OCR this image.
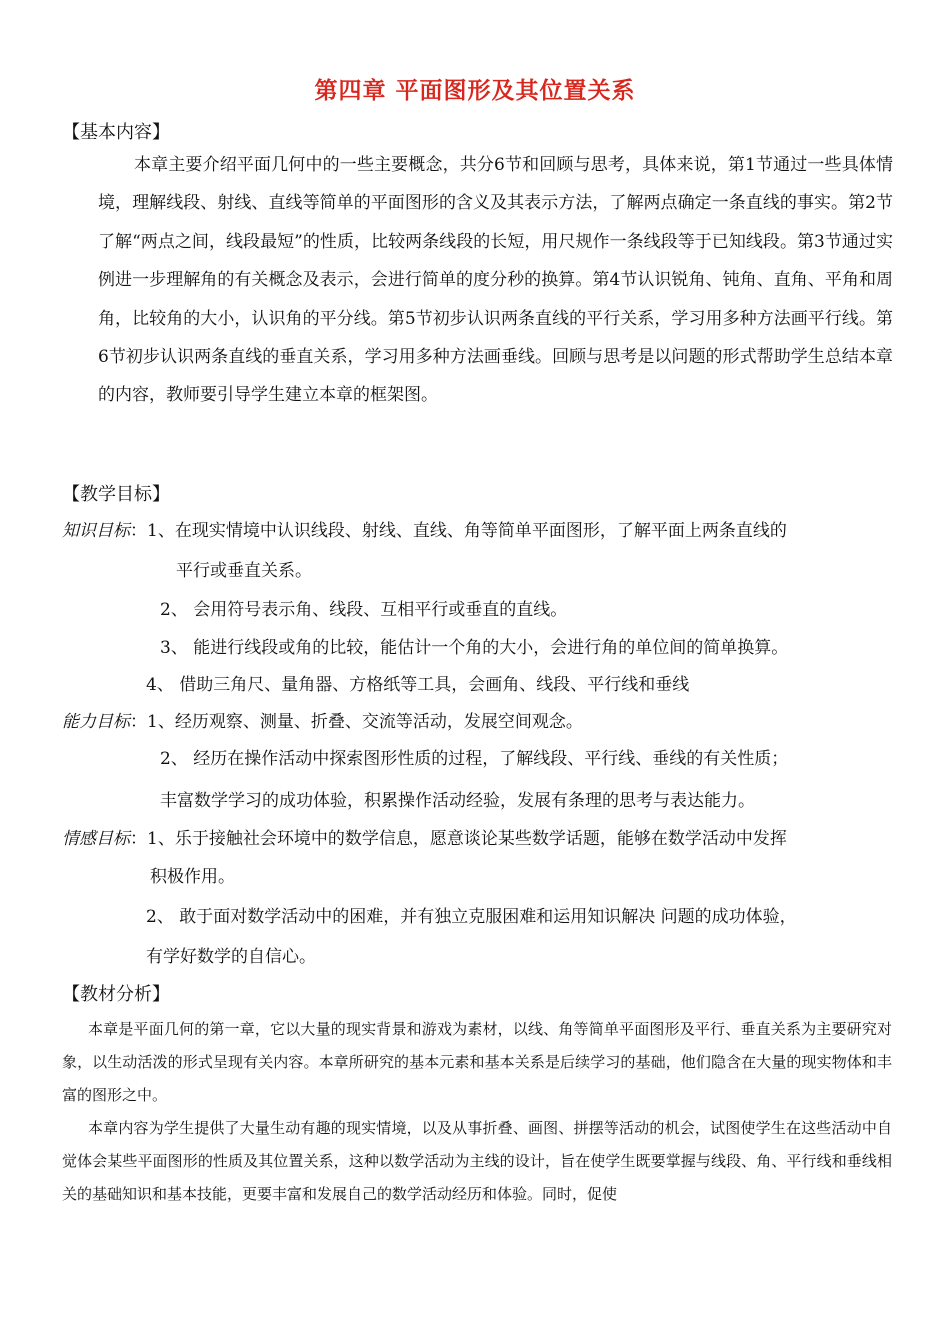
第四章 平面图形及其位置关系
【基本内容】

本章主要介绍平面几何中的一些主要概念，共分6节和回顾与思考，具体来说，第1节通过一些具体情境，理解线段、射线、直线等简单的平面图形的含义及其表示方法，了解两点确定一条直线的事实。第2节了解“两点之间，线段最短”的性质，比较两条线段的长短，用尺规作一条线段等于已知线段。第3节通过实例进一步理解角的有关概念及表示，会进行简单的度分秒的换算。第4节认识锐角、钝角、直角、平角和周角，比较角的大小，认识角的平分线。第5节初步认识两条直线的平行关系，学习用多种方法画平行线。第6节初步认识两条直线的垂直关系，学习用多种方法画垂线。回顾与思考是以问题的形式帮助学生总结本章的内容，教师要引导学生建立本章的框架图。

【教学目标】
知识目标：1、在现实情境中认识线段、射线、直线、角等简单平面图形，了解平面上两条直线的
平行或垂直关系。
2、 会用符号表示角、线段、互相平行或垂直的直线。
3、 能进行线段或角的比较，能估计一个角的大小，会进行角的单位间的简单换算。
4、 借助三角尺、量角器、方格纸等工具，会画角、线段、平行线和垂线
能力目标：1、经历观察、测量、折叠、交流等活动，发展空间观念。
2、 经历在操作活动中探索图形性质的过程，了解线段、平行线、垂线的有关性质；
丰富数学学习的成功体验，积累操作活动经验，发展有条理的思考与表达能力。
情感目标：1、乐于接触社会环境中的数学信息，愿意谈论某些数学话题，能够在数学活动中发挥
积极作用。
2、 敢于面对数学活动中的困难，并有独立克服困难和运用知识解决 问题的成功体验，
有学好数学的自信心。
【教材分析】

本章是平面几何的第一章，它以大量的现实背景和游戏为素材，以线、角等简单平面图形及平行、垂直关系为主要研究对象，以生动活泼的形式呈现有关内容。本章所研究的基本元素和基本关系是后续学习的基础，他们隐含在大量的现实物体和丰富的图形之中。

本章内容为学生提供了大量生动有趣的现实情境，以及从事折叠、画图、拼摆等活动的机会，试图使学生在这些活动中自觉体会某些平面图形的性质及其位置关系，这种以数学活动为主线的设计，旨在使学生既要掌握与线段、角、平行线和垂线相关的基础知识和基本技能，更要丰富和发展自己的数学活动经历和体验。同时，促使
